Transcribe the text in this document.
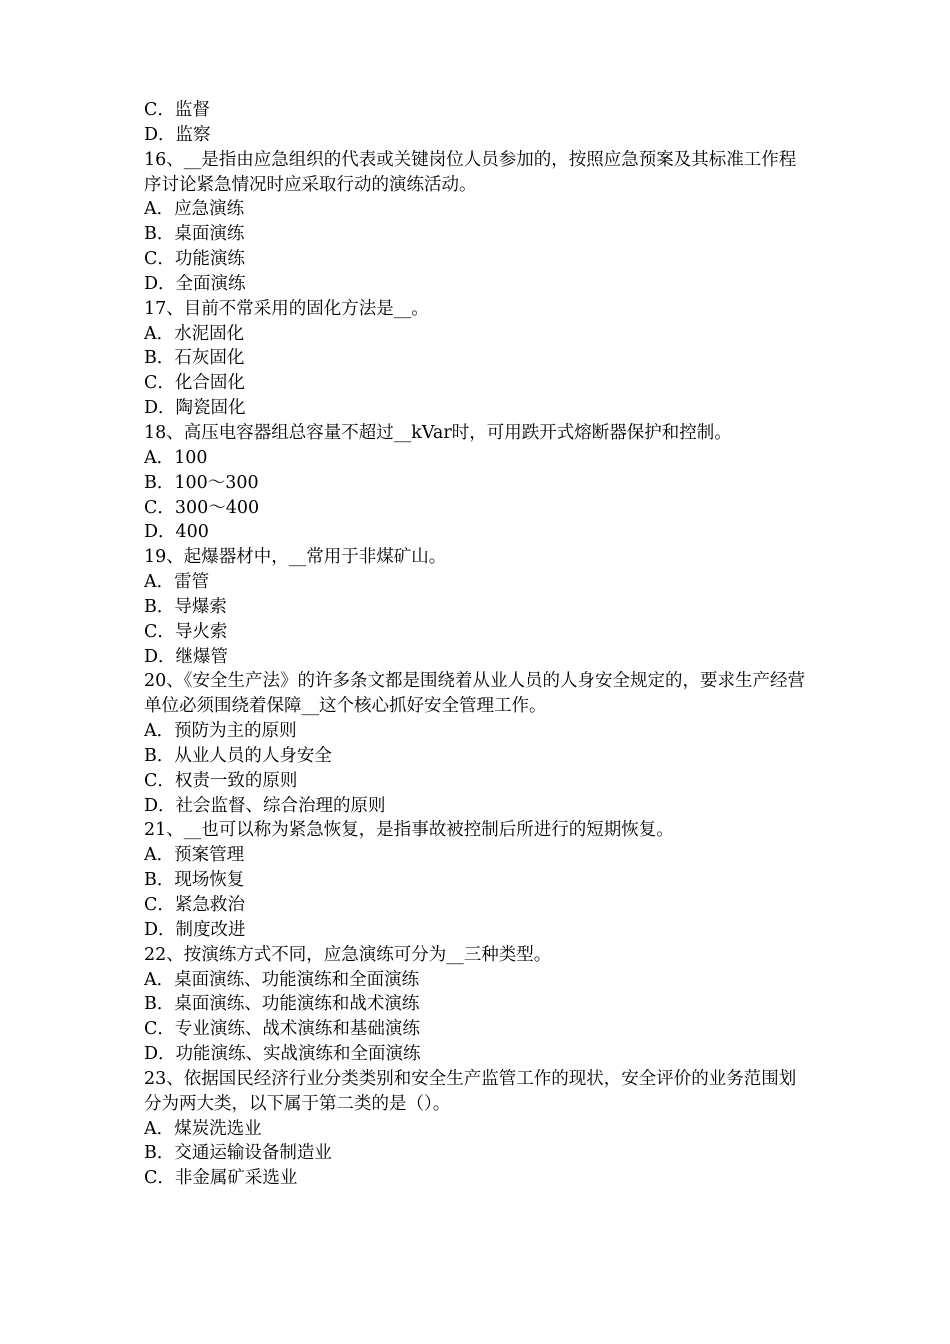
C．监督
D．监察
16、__是指由应急组织的代表或关键岗位人员参加的，按照应急预案及其标准工作程序讨论紧急情况时应采取行动的演练活动。
A．应急演练
B．桌面演练
C．功能演练
D．全面演练
17、目前不常采用的固化方法是__。
A．水泥固化
B．石灰固化
C．化合固化
D．陶瓷固化
18、高压电容器组总容量不超过__kVar时，可用跌开式熔断器保护和控制。
A．100
B．100～300
C．300～400
D．400
19、起爆器材中，__常用于非煤矿山。
A．雷管
B．导爆索
C．导火索
D．继爆管
20、《安全生产法》的许多条文都是围绕着从业人员的人身安全规定的，要求生产经营单位必须围绕着保障__这个核心抓好安全管理工作。
A．预防为主的原则
B．从业人员的人身安全
C．权责一致的原则
D．社会监督、综合治理的原则
21、__也可以称为紧急恢复，是指事故被控制后所进行的短期恢复。
A．预案管理
B．现场恢复
C．紧急救治
D．制度改进
22、按演练方式不同，应急演练可分为__三种类型。
A．桌面演练、功能演练和全面演练
B．桌面演练、功能演练和战术演练
C．专业演练、战术演练和基础演练
D．功能演练、实战演练和全面演练
23、依据国民经济行业分类类别和安全生产监管工作的现状，安全评价的业务范围划分为两大类，以下属于第二类的是（）。
A．煤炭洗选业
B．交通运输设备制造业
C．非金属矿采选业
